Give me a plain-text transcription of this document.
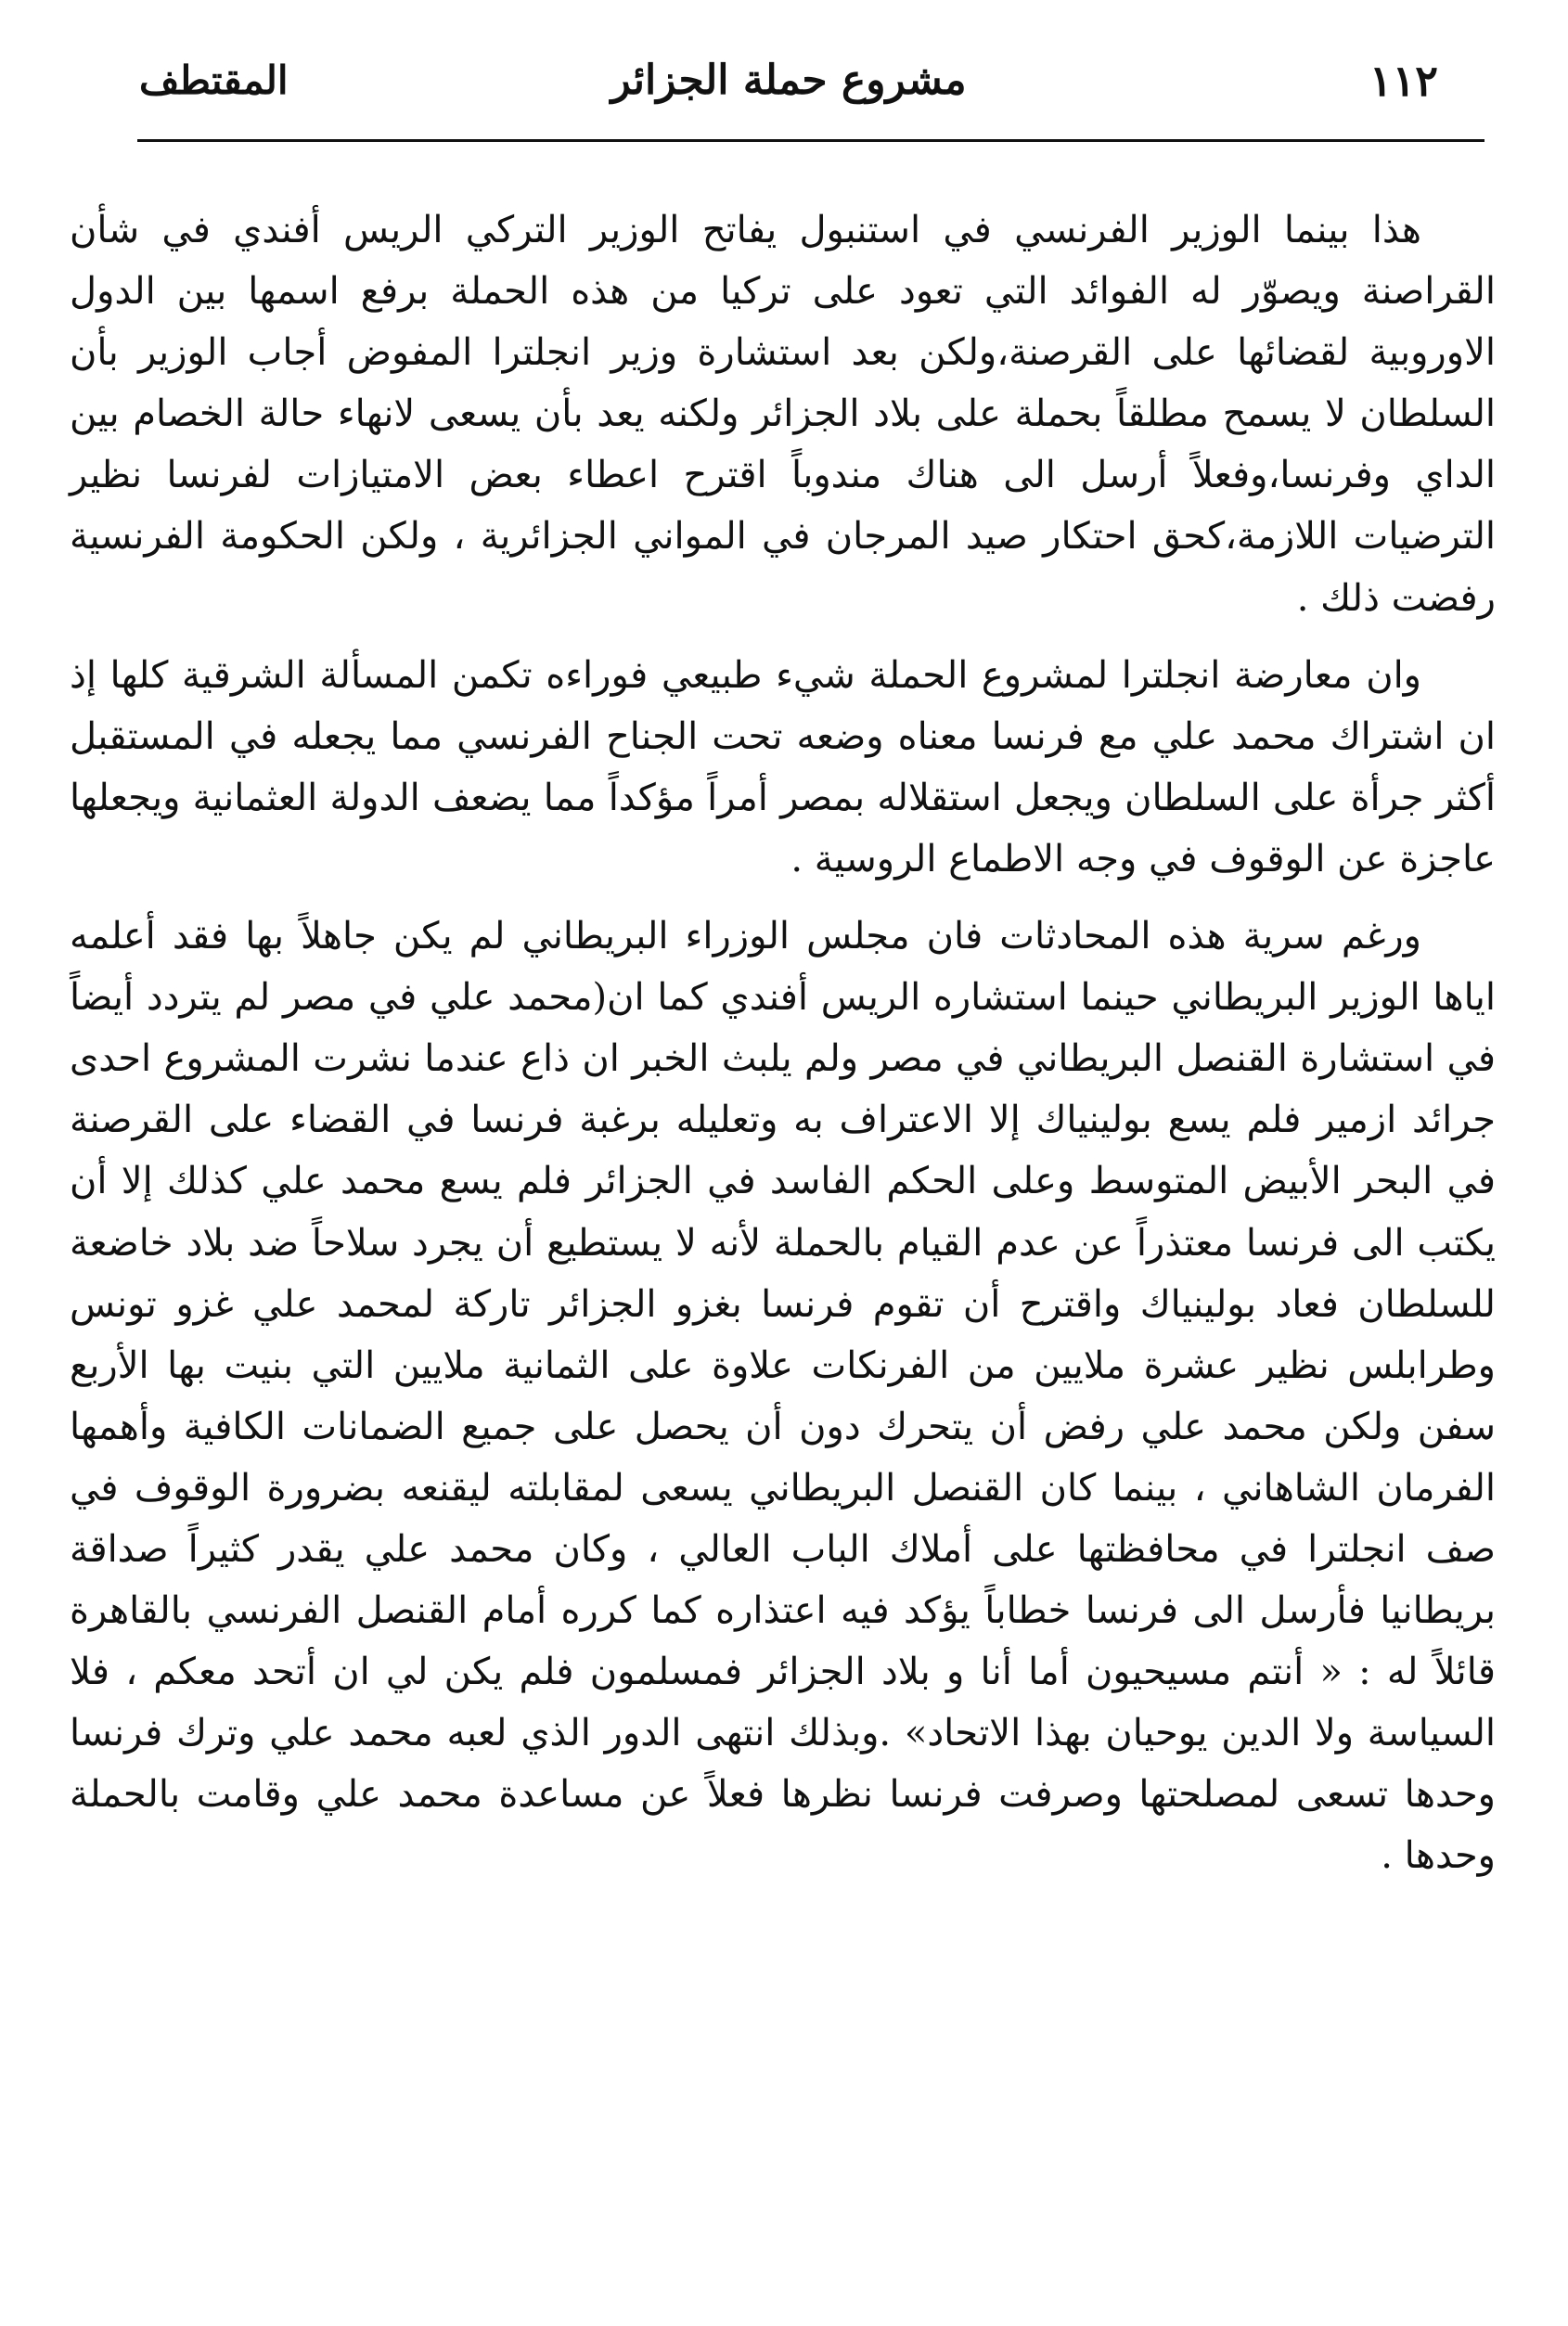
١١٢
مشروع حملة الجزائر
المقتطف

هذا بينما الوزير الفرنسي في استنبول يفاتح الوزير التركي الريس أفندي في شأن القراصنة ويصوّر له الفوائد التي تعود على تركيا من هذه الحملة برفع اسمها بين الدول الاوروبية لقضائها على القرصنة،ولكن بعد استشارة وزير انجلترا المفوض أجاب الوزير بأن السلطان لا يسمح مطلقاً بحملة على بلاد الجزائر ولكنه يعد بأن يسعى لانهاء حالة الخصام بين الداي وفرنسا،وفعلاً أرسل الى هناك مندوباً اقترح اعطاء بعض الامتيازات لفرنسا نظير الترضيات اللازمة،كحق احتكار صيد المرجان في المواني الجزائرية ، ولكن الحكومة الفرنسية رفضت ذلك .

وان معارضة انجلترا لمشروع الحملة شيء طبيعي فوراءه تكمن المسألة الشرقية كلها إذ ان اشتراك محمد علي مع فرنسا معناه وضعه تحت الجناح الفرنسي مما يجعله في المستقبل أكثر جرأة على السلطان ويجعل استقلاله بمصر أمراً مؤكداً مما يضعف الدولة العثمانية ويجعلها عاجزة عن الوقوف في وجه الاطماع الروسية .

ورغم سرية هذه المحادثات فان مجلس الوزراء البريطاني لم يكن جاهلاً بها فقد أعلمه اياها الوزير البريطاني حينما استشاره الريس أفندي كما ان(محمد علي في مصر لم يتردد أيضاً في استشارة القنصل البريطاني في مصر ولم يلبث الخبر ان ذاع عندما نشرت المشروع احدى جرائد ازمير فلم يسع بولينياك إلا الاعتراف به وتعليله برغبة فرنسا في القضاء على القرصنة في البحر الأبيض المتوسط وعلى الحكم الفاسد في الجزائر فلم يسع محمد علي كذلك إلا أن يكتب الى فرنسا معتذراً عن عدم القيام بالحملة لأنه لا يستطيع أن يجرد سلاحاً ضد بلاد خاضعة للسلطان فعاد بولينياك واقترح أن تقوم فرنسا بغزو الجزائر تاركة لمحمد علي غزو تونس وطرابلس نظير عشرة ملايين من الفرنكات علاوة على الثمانية ملايين التي بنيت بها الأربع سفن ولكن محمد علي رفض أن يتحرك دون أن يحصل على جميع الضمانات الكافية وأهمها الفرمان الشاهاني ، بينما كان القنصل البريطاني يسعى لمقابلته ليقنعه بضرورة الوقوف في صف انجلترا في محافظتها على أملاك الباب العالي ، وكان محمد علي يقدر كثيراً صداقة بريطانيا فأرسل الى فرنسا خطاباً يؤكد فيه اعتذاره كما كرره أمام القنصل الفرنسي بالقاهرة قائلاً له : « أنتم مسيحيون أما أنا و بلاد الجزائر فمسلمون فلم يكن لي ان أتحد معكم ، فلا السياسة ولا الدين يوحيان بهذا الاتحاد» .وبذلك انتهى الدور الذي لعبه محمد علي وترك فرنسا وحدها تسعى لمصلحتها وصرفت فرنسا نظرها فعلاً عن مساعدة محمد علي وقامت بالحملة وحدها .
